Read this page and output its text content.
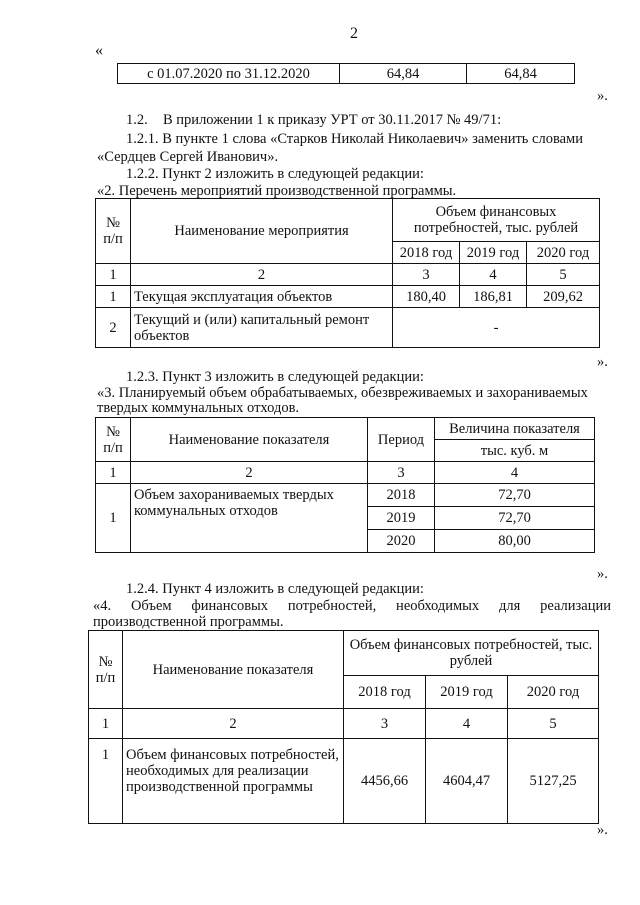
2
«
с 01.07.2020 по 31.12.2020	64,84	64,84
».
1.2. В приложении 1 к приказу УРТ от 30.11.2017 № 49/71:
1.2.1. В пункте 1 слова «Старков Николай Николаевич» заменить словами
«Сердцев Сергей Иванович».
1.2.2. Пункт 2 изложить в следующей редакции:
«2. Перечень мероприятий производственной программы.
№ п/п	Наименование мероприятия	Объем финансовых потребностей, тыс. рублей		
		2018 год	2019 год	2020 год
1	2	3	4	5
1	Текущая эксплуатация объектов	180,40	186,81	209,62
2	Текущий и (или) капитальный ремонт объектов	-		
».
1.2.3. Пункт 3 изложить в следующей редакции:
«3. Планируемый объем обрабатываемых, обезвреживаемых и захораниваемых
твердых коммунальных отходов.
№ п/п	Наименование показателя	Период	Величина показателя
			тыс. куб. м
1	2	3	4
1	Объем захораниваемых твердых коммунальных отходов	2018	72,70
		2019	72,70
		2020	80,00
».
1.2.4. Пункт 4 изложить в следующей редакции:
«4. Объем финансовых потребностей, необходимых для реализации
производственной программы.
№ п/п	Наименование показателя	Объем финансовых потребностей, тыс. рублей		
		2018 год	2019 год	2020 год
1	2	3	4	5
1	Объем финансовых потребностей, необходимых для реализации производственной программы	4456,66	4604,47	5127,25
».
